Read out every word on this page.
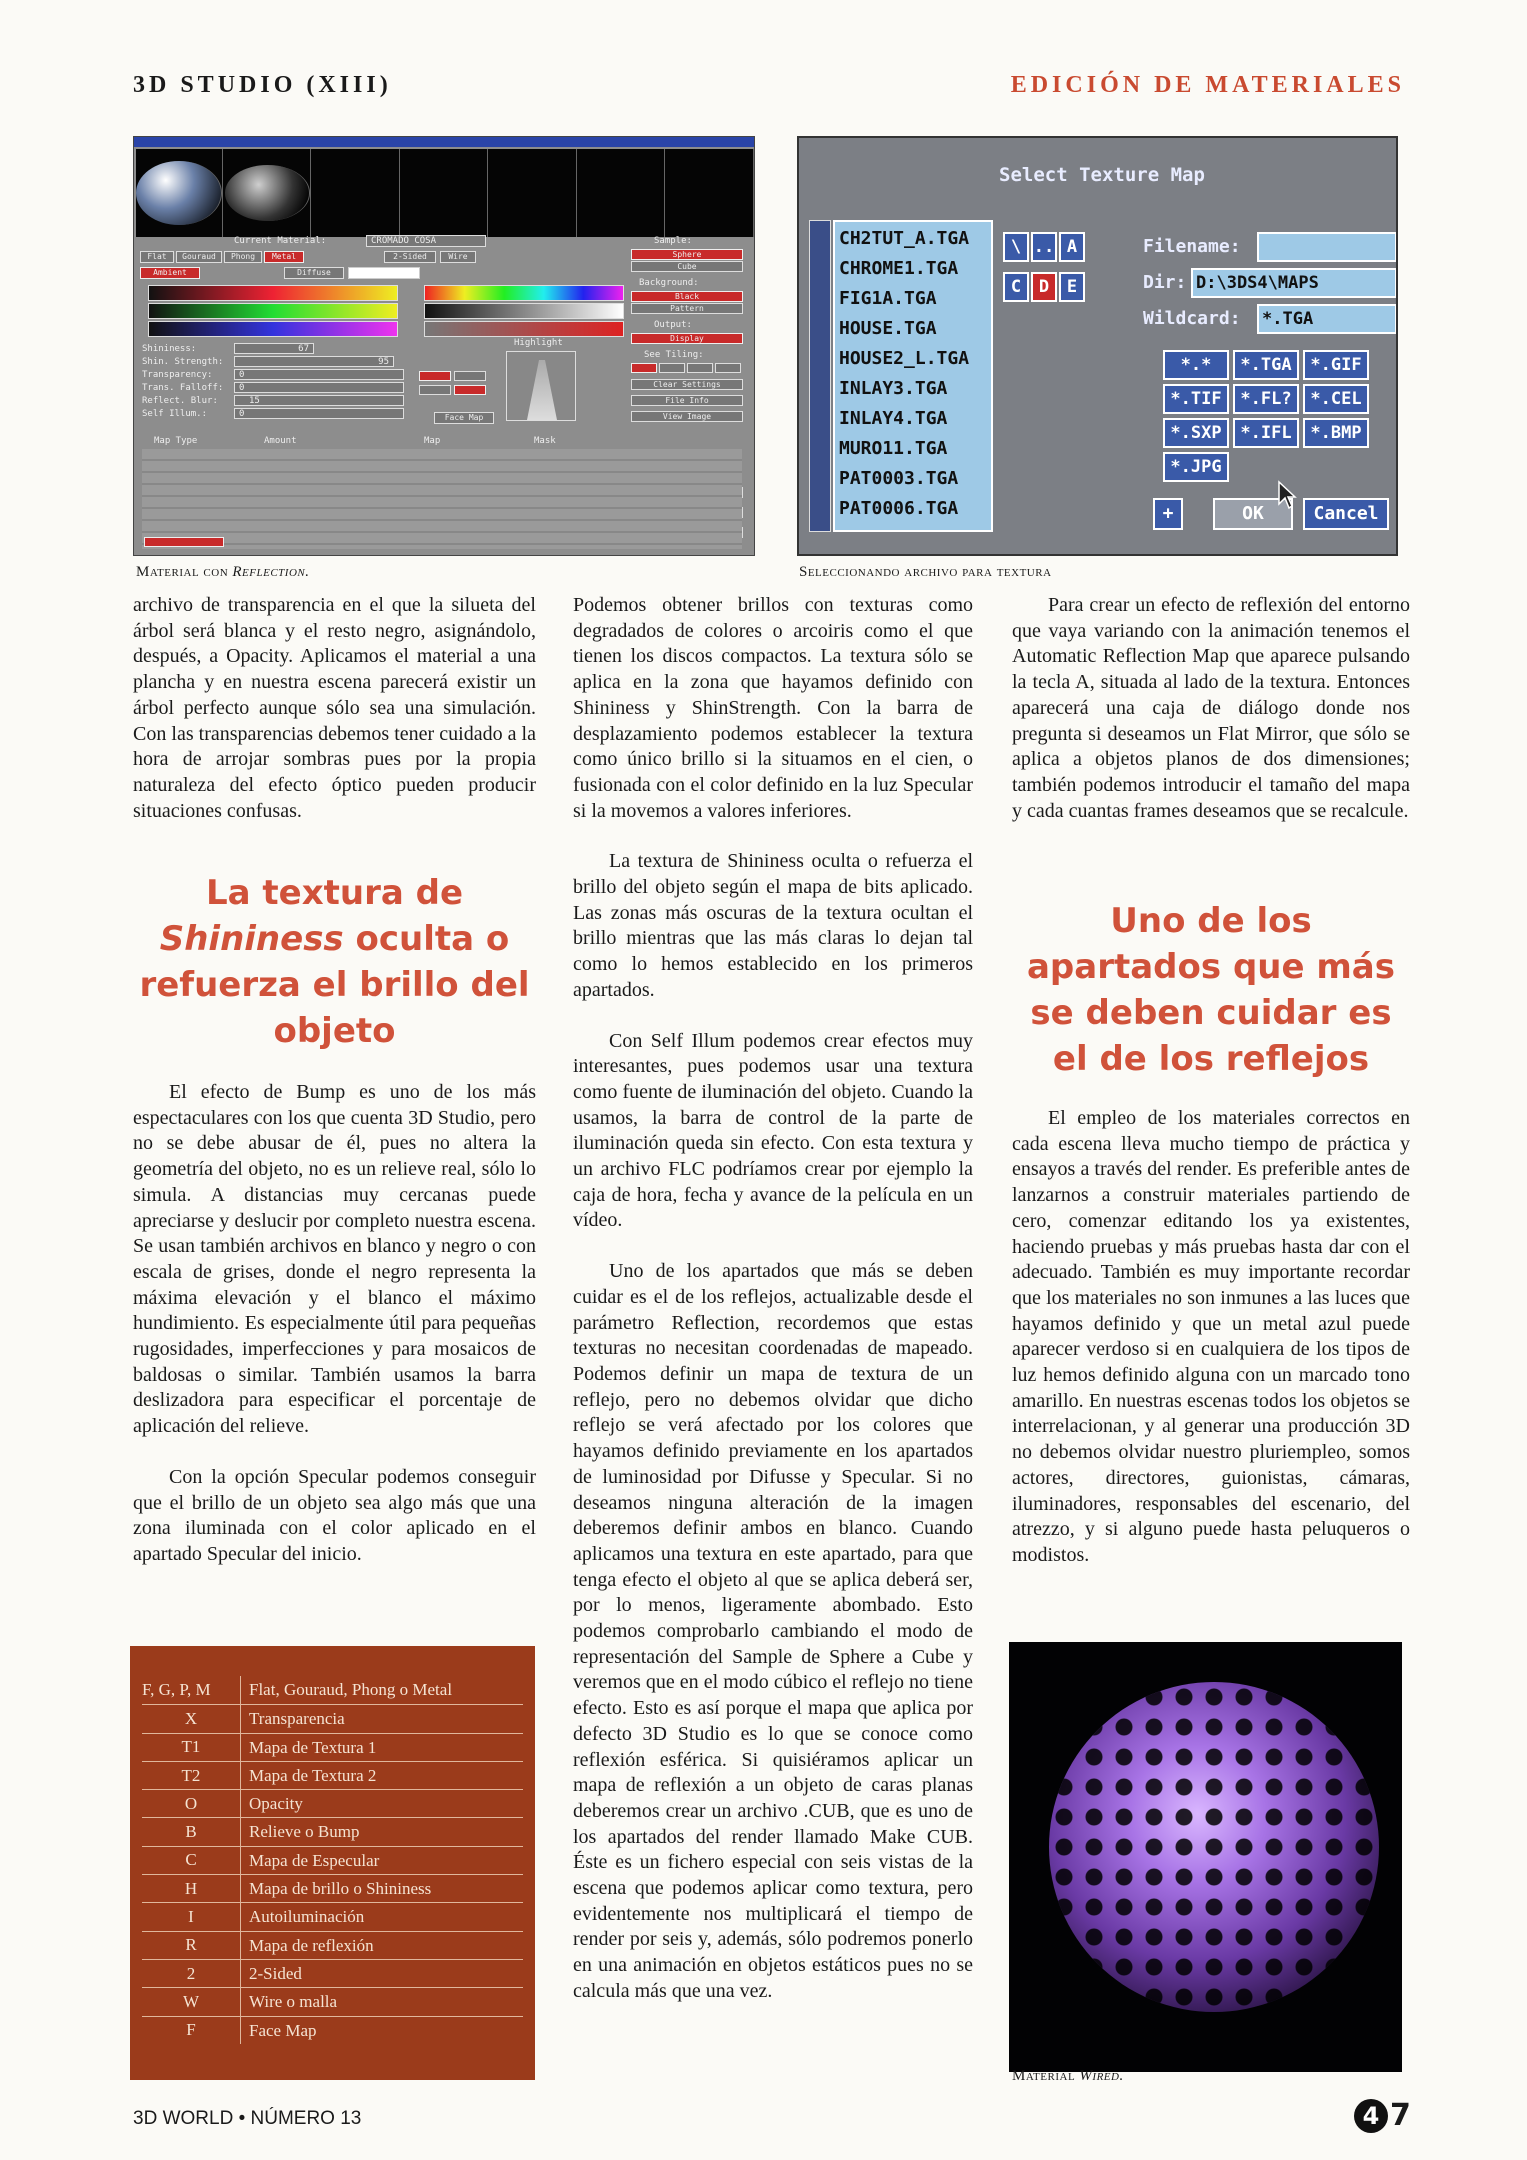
3D STUDIO (XIII)	EDICIÓN DE MATERIALES
Current Material:	CROMADO COSA
Flat	Gouraud	Phong	Metal	2-Sided	Wire
Ambient	Diffuse
Shininess:	67
Shin. Strength:	95
Transparency:	0
Trans. Falloff:	0
Reflect. Blur:	15
Self Illum.:	0	Face Map
Highlight
Sample:
Sphere
Cube
Background:
Black
Pattern
Output:
Display
See Tiling:
Clear Settings
File Info
View Image
Map Type	Amount	Map	Mask
Material con Reflection.
Select Texture Map
CH2TUT_A.TGA
CHROME1.TGA
FIG1A.TGA
HOUSE.TGA
HOUSE2_L.TGA
INLAY3.TGA
INLAY4.TGA
MURO11.TGA
PAT0003.TGA
PAT0006.TGA
\ .. A
C	D	E
Filename:
Dir: D:\3DS4\MAPS
Wildcard: *.TGA
*.*	*.TGA	*.GIF
*.TIF	*.FL?	*.CEL
*.SXP	*.IFL	*.BMP
*.JPG
+	OK	Cancel
Seleccionando archivo para textura

archivo de transparencia en el que la silueta del árbol será blanca y el resto negro, asignándolo, después, a Opacity. Aplicamos el material a una plancha y en nuestra escena parecerá existir un árbol perfecto aunque sólo sea una simulación. Con las transparencias debemos tener cuidado a la hora de arrojar sombras pues por la propia naturaleza del efecto óptico pueden producir situaciones confusas.

La textura de
Shininess oculta o refuerza el brillo del objeto

El efecto de Bump es uno de los más espectaculares con los que cuenta 3D Studio, pero no se debe abusar de él, pues no altera la geometría del objeto, no es un relieve real, sólo lo simula. A distancias muy cercanas puede apreciarse y deslucir por completo nuestra escena. Se usan también archivos en blanco y negro o con escala de grises, donde el negro representa la máxima elevación y el blanco el máximo hundimiento. Es especialmente útil para pequeñas rugosidades, imperfecciones y para mosaicos de baldosas o similar. También usamos la barra deslizadora para especificar el porcentaje de aplicación del relieve.

Con la opción Specular podemos conseguir que el brillo de un objeto sea algo más que una zona iluminada con el color aplicado en el apartado Specular del inicio.

F, G, P, M	Flat, Gouraud, Phong o Metal
X	Transparencia
T1	Mapa de Textura 1
T2	Mapa de Textura 2
O	Opacity
B	Relieve o Bump
C	Mapa de Especular
H	Mapa de brillo o Shininess
I	Autoiluminación
R	Mapa de reflexión
2	2-Sided
W	Wire o malla
F	Face Map

Podemos obtener brillos con texturas como degradados de colores o arcoiris como el que tienen los discos compactos. La textura sólo se aplica en la zona que hayamos definido con Shininess y ShinStrength. Con la barra de desplazamiento podemos establecer la textura como único brillo si la situamos en el cien, o fusionada con el color definido en la luz Specular si la movemos a valores inferiores.

La textura de Shininess oculta o refuerza el brillo del objeto según el mapa de bits aplicado. Las zonas más oscuras de la textura ocultan el brillo mientras que las más claras lo dejan tal como lo hemos establecido en los primeros apartados.

Con Self Illum podemos crear efectos muy interesantes, pues podemos usar una textura como fuente de iluminación del objeto. Cuando la usamos, la barra de control de la parte de iluminación queda sin efecto. Con esta textura y un archivo FLC podríamos crear por ejemplo la caja de hora, fecha y avance de la película en un vídeo.

Uno de los apartados que más se deben cuidar es el de los reflejos, actualizable desde el parámetro Reflection, recordemos que estas texturas no necesitan coordenadas de mapeado. Podemos definir un mapa de textura de un reflejo, pero no debemos olvidar que dicho reflejo se verá afectado por los colores que hayamos definido previamente en los apartados de luminosidad por Difusse y Specular. Si no deseamos ninguna alteración de la imagen deberemos definir ambos en blanco. Cuando aplicamos una textura en este apartado, para que tenga efecto el objeto al que se aplica deberá ser, por lo menos, ligeramente abombado. Esto podemos comprobarlo cambiando el modo de representación del Sample de Sphere a Cube y veremos que en el modo cúbico el reflejo no tiene efecto. Esto es así porque el mapa que aplica por defecto 3D Studio es lo que se conoce como reflexión esférica. Si quisiéramos aplicar un mapa de reflexión a un objeto de caras planas deberemos crear un archivo .CUB, que es uno de los apartados del render llamado Make CUB. Éste es un fichero especial con seis vistas de la escena que podemos aplicar como textura, pero evidentemente nos multiplicará el tiempo de render por seis y, además, sólo podremos ponerlo en una animación en objetos estáticos pues no se calcula más que una vez.

Para crear un efecto de reflexión del entorno que vaya variando con la animación tenemos el Automatic Reflection Map que aparece pulsando la tecla A, situada al lado de la textura. Entonces aparecerá una caja de diálogo donde nos pregunta si deseamos un Flat Mirror, que sólo se aplica a objetos planos de dos dimensiones; también podemos introducir el tamaño del mapa y cada cuantas frames deseamos que se recalcule.

Uno de los apartados que más se deben cuidar es el de los reflejos

El empleo de los materiales correctos en cada escena lleva mucho tiempo de práctica y ensayos a través del render. Es preferible antes de lanzarnos a construir materiales partiendo de cero, comenzar editando los ya existentes, haciendo pruebas y más pruebas hasta dar con el adecuado. También es muy importante recordar que los materiales no son inmunes a las luces que hayamos definido y que un metal azul puede aparecer verdoso si en cualquiera de los tipos de luz hemos definido alguna con un marcado tono amarillo. En nuestras escenas todos los objetos se interrelacionan, y al generar una producción 3D no debemos olvidar nuestro pluriempleo, somos actores, directores, guionistas, cámaras, iluminadores, responsables del escenario, del atrezzo, y si alguno puede hasta peluqueros o modistos.

Material Wired.
3D WORLD • NÚMERO 13	4 7
